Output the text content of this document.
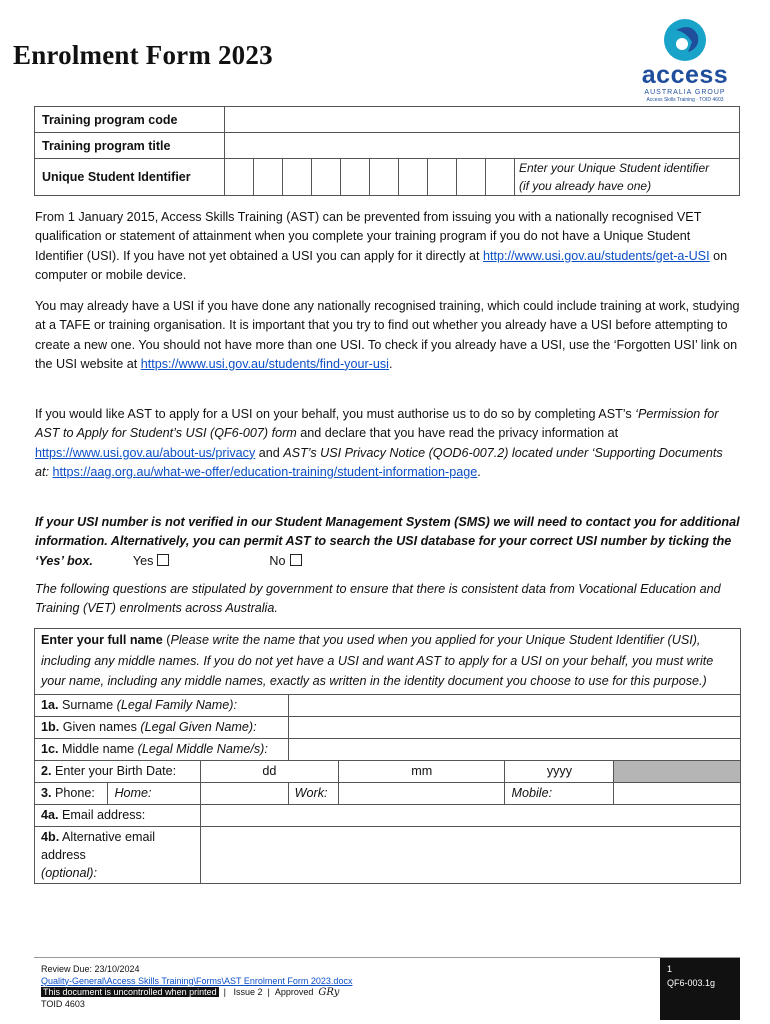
Enrolment Form 2023
access
AUSTRALIA GROUP
Access Skills Training · TOID 4603
Training program code											
Training program title											
Unique Student Identifier											Enter your Unique Student identifier
(if you already have one)

From 1 January 2015, Access Skills Training (AST) can be prevented from issuing you with a nationally recognised VET qualification or statement of attainment when you complete your training program if you do not have a Unique Student Identifier (USI). If you have not yet obtained a USI you can apply for it directly at http://www.usi.gov.au/students/get-a-USI on computer or mobile device.

You may already have a USI if you have done any nationally recognised training, which could include training at work, studying at a TAFE or training organisation. It is important that you try to find out whether you already have a USI before attempting to create a new one. You should not have more than one USI. To check if you already have a USI, use the ‘Forgotten USI’ link on the USI website at https://www.usi.gov.au/students/find-your-usi.

If you would like AST to apply for a USI on your behalf, you must authorise us to do so by completing AST’s ‘Permission for AST to Apply for Student’s USI (QF6-007) form and declare that you have read the privacy information at https://www.usi.gov.au/about-us/privacy and AST’s USI Privacy Notice (QOD6-007.2) located under ‘Supporting Documents at: https://aag.org.au/what-we-offer/education-training/student-information-page.

If your USI number is not verified in our Student Management System (SMS) we will need to contact you for additional information. Alternatively, you can permit AST to search the USI database for your correct USI number by ticking the ‘Yes’ box.	Yes	No

The following questions are stipulated by government to ensure that there is consistent data from Vocational Education and Training (VET) enrolments across Australia.

Enter your full name (Please write the name that you used when you applied for your Unique Student Identifier (USI), including any middle names. If you do not yet have a USI and want AST to apply for a USI on your behalf, you must write your name, including any middle names, exactly as written in the identity document you choose to use for this purpose.)						
1a. Surname (Legal Family Name):						
1b. Given names (Legal Given Name):						
1c. Middle name (Legal Middle Name/s):						
2. Enter your Birth Date:		dd		mm	yyyy	
3. Phone:	Home:		Work:		Mobile:	
4a. Email address:						
4b. Alternative email address
(optional):						
Review Due: 23/10/2024
Quality-General\Access Skills Training\Forms\AST Enrolment Form 2023.docx
This document is uncontrolled when printed  |   Issue 2  |  Approved GRy
TOID 4603
1
QF6-003.1g
